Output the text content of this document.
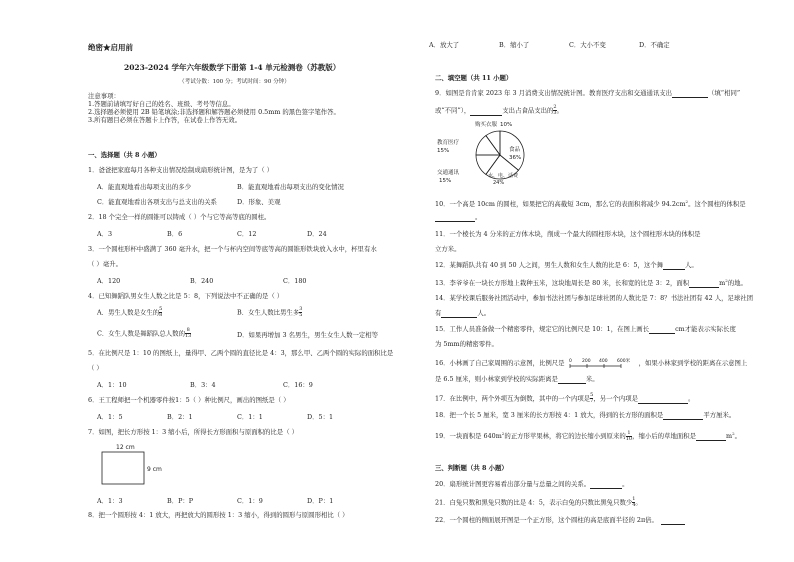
绝密★启用前
2023-2024 学年六年级数学下册第 1-4 单元检测卷（苏教版）
（考试分数：100 分；考试时间：90 分钟）
注意事项：
1.答题前请填写好自己的姓名、班级、考号等信息。
2.选择题必须使用 2B 铅笔填涂;非选择题和解答题必须使用 0.5mm 的黑色签字笔作答。
3.所有题目必须在答题卡上作答，在试卷上作答无效。
一、选择题（共 8 小题）
1．爸爸把家庭每月各种支出情况绘制成扇形统计图，是为了（ ）
A．能直观地看出每项支出的多少	B．能直观地看出每项支出的变化情况
C．能直观地看出各项支出与总支出的关系	D．形象、美观
2．18 个完全一样的圆锥可以铸成（ ）个与它等高等底的圆柱。
A．3	B．6	C．12	D．24
3．一个圆柱形杯中盛满了 360 毫升水，把一个与杯内空间等底等高的圆锥形铁块放入水中，杯里有水
（ ）毫升。
A．120	B．240	C．180
4．已知舞蹈队男女生人数之比是 5：8，下列说法中不正确的是（ ）
A．男生人数是女生的 $\frac{5}{8}$	B．女生人数比男生多 $\frac{3}{5}$
C．女生人数是舞蹈队总人数的 $\frac{8}{13}$	D．如果再增加 3 名男生，男生女生人数一定相等
5．在比例尺是 1：10 的图纸上，量得甲、乙两个圆的直径比是 4：3，那么甲、乙两个圆的实际的面积比是
（ ）
A．1：10	B．3：4	C．16：9
6．王工程师把一个机器零件按1：5（ ）种比例尺，画出的图纸是（ ）
A．1：5	B．2：1	C．1：1	D．5：1
7．如图，把长方形按 1：3 缩小后，所得长方形面积与原面积的比是（ ）
12 cm
9 cm
A．1：3	B．P：P	C．1：9	D．P：1
8．把一个圆形按 4：1 放大，再把放大的圆形按 1：3 缩小，得到的圆形与原圆形相比（ ）
A．放大了	B．缩小了	C．大小不变	D．不确定
二、填空题（共 11 小题）
9．如图是肯肯家 2023 年 3 月消费支出情况统计图。教育医疗支出和交通通讯支出	（填“相同”
或“不同”），	支出占食品支出的 $\frac{2}{3}$ 。
食品
36%
水、电、话费
24%
交通通讯
15%
教育医疗
15%
购买衣服 10%
10．一个高是 10cm 的圆柱，如果把它的高截短 3cm，那么它的表面积将减少 $94.2cm^2$。这个圆柱的体积是
。
11．一个棱长为 4 分米的正方体木块，削成一个最大的圆柱形木块，这个圆柱形木块的体积是
立方米。
12．某舞蹈队共有 40 到 50 人之间，男生人数和女生人数的比是 6：5，这个舞	人。
13．李爷爷在一块长方形地上栽种玉米，这块地周长是 80 米，长和宽的比是 3：2，面积	$m^2$的地。
14．某学校课后服务社团活动中，参加书法社团与参加足球社团的人数比是 7：8？书法社团有 42 人，足球社团
有	人。
15．工作人员准备做一个精密零件，规定它的比例尺是 10：1，在图上画长	cm才能表示实际长度
为 5mm的精密零件。
16．小林画了自己家周围的示意图，比例尺是 0 200 400 600米 ，如果小林家到学校的距离在示意图上
是 6.5 厘米，则小林家到学校的实际距离是	米。
17．在比例中，两个外项互为倒数，其中的一个内项是 $\frac{5}{7}$ ，另一个内项是	。
18．把一个长 5 厘米，宽 3 厘米的长方形按 4：1 放大，得到的长方形的面积是	平方厘米。
19．一块面积是 $640m^2$的正方形苹果林，将它的边长缩小到原来的 $\frac{1}{10}$ ，缩小后的草地面积是	$m^2$。
三、判断题（共 8 小题）
20．扇形统计图更容易看出部分量与总量之间的关系。	。
21．白兔只数和黑兔只数的比是 4：5，表示白兔的只数比黑兔只数少 $\frac{1}{4}$ 。
22．一个圆柱的侧面展开图是一个正方形，这个圆柱的高是底面半径的 2π倍。
